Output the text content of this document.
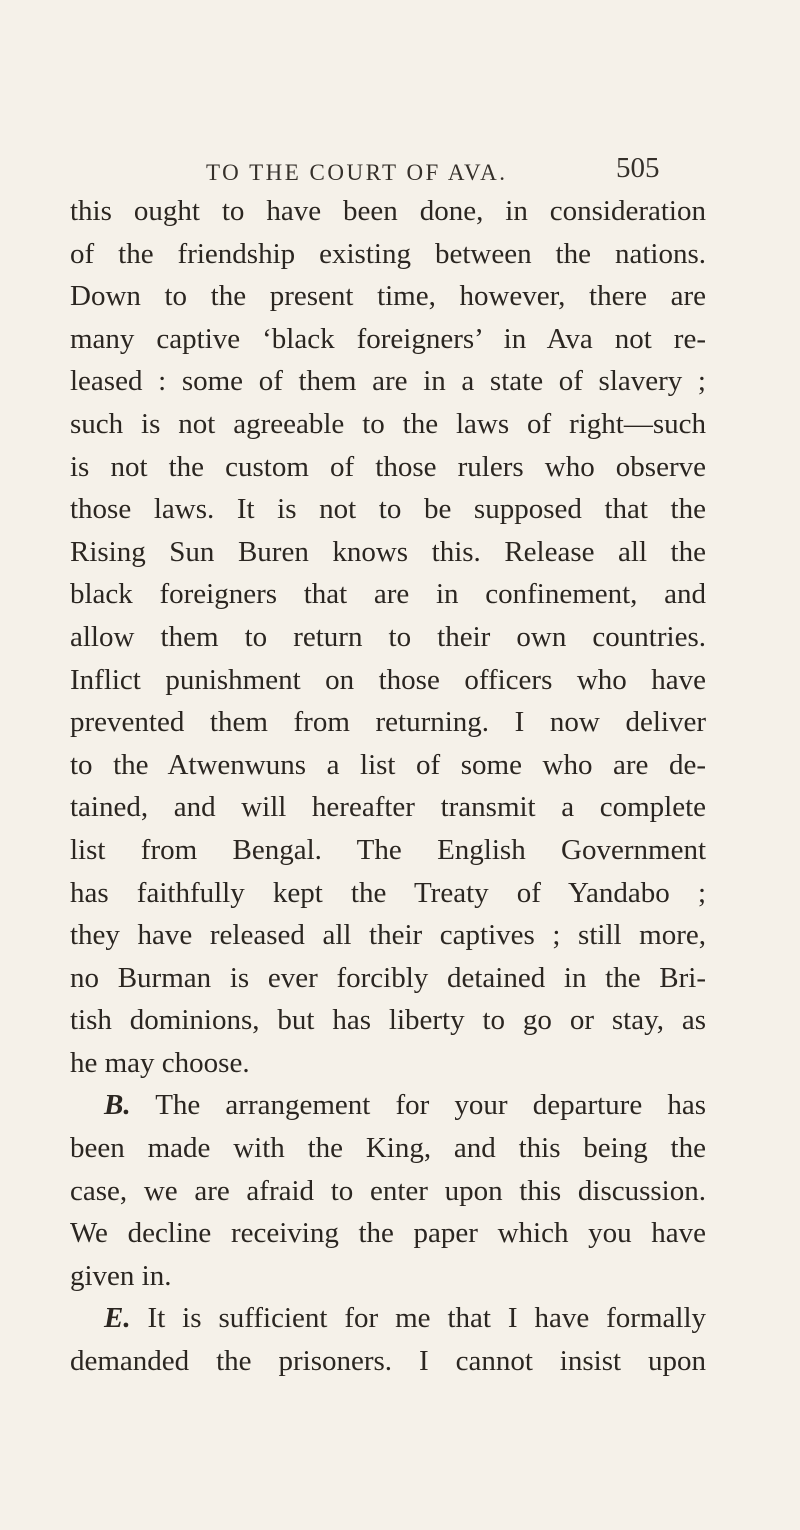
TO THE COURT OF AVA.	505
this ought to have been done, in consideration
of the friendship existing between the nations.
Down to the present time, however, there are
many captive ‘black foreigners’ in Ava not re-
leased : some of them are in a state of slavery ;
such is not agreeable to the laws of right—such
is not the custom of those rulers who observe
those laws. It is not to be supposed that the
Rising Sun Buren knows this. Release all the
black foreigners that are in confinement, and
allow them to return to their own countries.
Inflict punishment on those officers who have
prevented them from returning. I now deliver
to the Atwenwuns a list of some who are de-
tained, and will hereafter transmit a complete
list from Bengal. The English Government
has faithfully kept the Treaty of Yandabo ;
they have released all their captives ; still more,
no Burman is ever forcibly detained in the Bri-
tish dominions, but has liberty to go or stay, as
he may choose.
B. The arrangement for your departure has
been made with the King, and this being the
case, we are afraid to enter upon this discussion.
We decline receiving the paper which you have
given in.
E. It is sufficient for me that I have formally
demanded the prisoners. I cannot insist upon
